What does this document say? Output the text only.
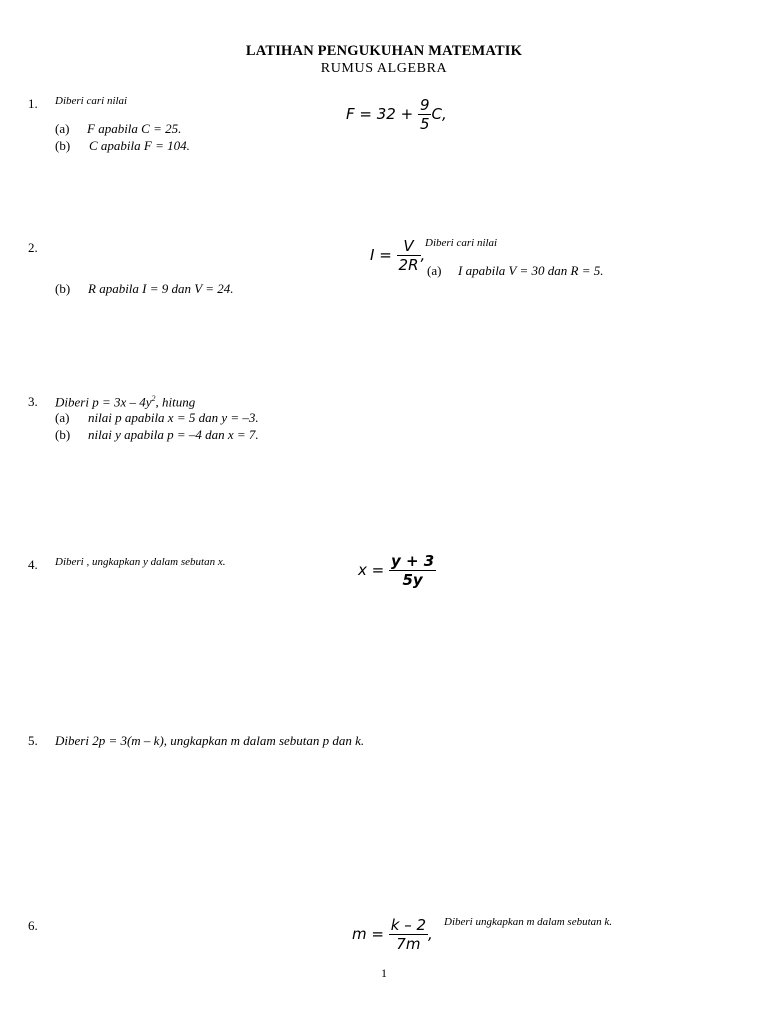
LATIHAN PENGUKUHAN MATEMATIK
RUMUS ALGEBRA
1. Diberi cari nilai
$F = 32 + \frac{9}{5} C$,
(a) F apabila C = 25.
(b) C apabila F = 104.
2.	$I = \frac{V}{2R}$ ,
Diberi cari nilai
(a) I apabila V = 30 dan R = 5.
(b) R apabila I = 9 dan V = 24.
3. Diberi $p = 3x - 4y^2$, hitung
(a) nilai p apabila x = 5 dan y = –3.
(b) nilai y apabila p = –4 dan x = 7.
4. Diberi , ungkapkan y dalam sebutan x.	$x = \frac{y + 3}{5y}$
5. Diberi 2p = 3(m – k), ungkapkan m dalam sebutan p dan k.
6.	$m = \frac{k - 2}{7m}$ ,
Diberi ungkapkan m dalam sebutan k.
1
